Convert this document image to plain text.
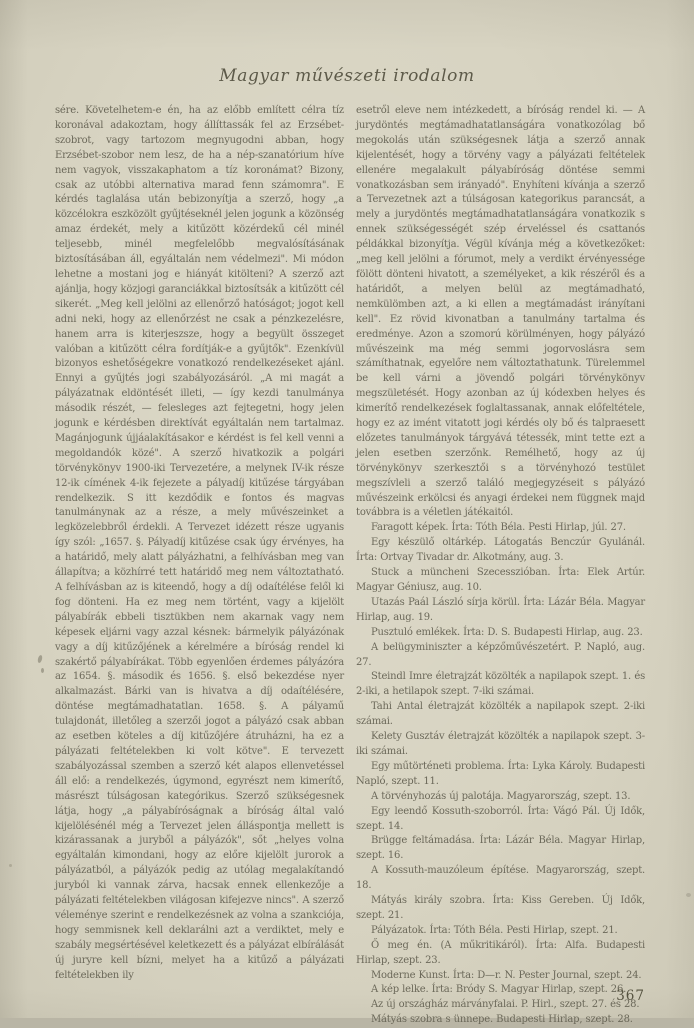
Magyar művészeti irodalom

sére. Követelhetem-e én, ha az előbb említett célra tíz koronával adakoztam, hogy állíttassák fel az Erzsébet-szobrot, vagy tartozom megnyugodni abban, hogy Erzsébet-szobor nem lesz, de ha a nép-szanatórium híve nem vagyok, visszakaphatom a tíz koronámat? Bizony, csak az utóbbi alternativa marad fenn számomra". E kérdés taglalása után bebizonyítja a szerző, hogy „a közcélokra eszközölt gyűjtéseknél jelen jogunk a közönség amaz érdekét, mely a kitűzött közérdekű cél minél teljesebb, minél megfelelőbb megvalósításának biztosításában áll, egyáltalán nem védelmezi". Mi módon lehetne a mostani jog e hiányát kitölteni? A szerző azt ajánlja, hogy közjogi garanciákkal biztosítsák a kitűzött cél sikerét. „Meg kell jelölni az ellenőrző hatóságot; jogot kell adni neki, hogy az ellenőrzést ne csak a pénzkezelésre, hanem arra is kiterjeszsze, hogy a begyült összeget valóban a kitűzött célra fordítják-e a gyűjtők". Ezenkívül bizonyos eshetőségekre vonatkozó rendelkezéseket ajánl. Ennyi a gyűjtés jogi szabályozásáról. „A mi magát a pályázatnak eldöntését illeti, — így kezdi tanulmánya második részét, — felesleges azt fejtegetni, hogy jelen jogunk e kérdésben direktívát egyáltalán nem tartalmaz. Magánjogunk újjáalakításakor e kérdést is fel kell venni a megoldandók közé". A szerző hivatkozik a polgári törvénykönyv 1900-iki Tervezetére, a melynek IV-ik része 12-ik címének 4-ik fejezete a pályadíj kitűzése tárgyában rendelkezik. S itt kezdődik e fontos és magvas tanulmánynak az a része, a mely művészeinket a legközelebbről érdekli. A Tervezet idézett része ugyanis így szól: „1657. §. Pályadíj kitűzése csak úgy érvényes, ha a határidő, mely alatt pályázhatni, a felhívásban meg van állapítva; a közhírré tett határidő meg nem változtatható. A felhívásban az is kiteendő, hogy a díj odaítélése felől ki fog dönteni. Ha ez meg nem történt, vagy a kijelölt pályabírák ebbeli tisztükben nem akarnak vagy nem képesek eljárni vagy azzal késnek: bármelyik pályázónak vagy a díj kitűzőjének a kérelmére a bíróság rendel ki szakértő pályabírákat. Több egyenlően érdemes pályázóra az 1654. §. második és 1656. §. első bekezdése nyer alkalmazást. Bárki van is hivatva a díj odaítélésére, döntése megtámadhatatlan. 1658. §. A pályamű tulajdonát, illetőleg a szerzői jogot a pályázó csak abban az esetben köteles a díj kitűzőjére átruházni, ha ez a pályázati feltételekben ki volt kötve". E tervezett szabályozással szemben a szerző két alapos ellenvetéssel áll elő: a rendelkezés, úgymond, egyrészt nem kimerítő, másrészt túlságosan kategórikus. Szerző szükségesnek látja, hogy „a pályabíróságnak a bíróság által való kijelölésénél még a Tervezet jelen álláspontja mellett is kizárassanak a juryből a pályázók", sőt „helyes volna egyáltalán kimondani, hogy az előre kijelölt jurorok a pályázatból, a pályázók pedig az utólag megalakítandó juryból ki vannak zárva, hacsak ennek ellenkezője a pályázati feltételekben világosan kifejezve nincs". A szerző véleménye szerint e rendelkezésnek az volna a szankciója, hogy semmisnek kell deklarálni azt a verdiktet, mely e szabály megsértésével keletkezett és a pályázat elbírálását új juryre kell bízni, melyet ha a kitűző a pályázati feltételekben ily

esetről eleve nem intézkedett, a bíróság rendel ki. — A jurydöntés megtámadhatatlanságára vonatkozólag bő megokolás után szükségesnek látja a szerző annak kijelentését, hogy a törvény vagy a pályázati feltételek ellenére megalakult pályabíróság döntése semmi vonatkozásban sem irányadó". Enyhíteni kívánja a szerző a Tervezetnek azt a túlságosan kategorikus parancsát, a mely a jurydöntés megtámadhatatlanságára vonatkozik s ennek szükségességét szép érveléssel és csattanós példákkal bizonyítja. Végül kívánja még a következőket: „meg kell jelölni a fórumot, mely a verdikt érvényessége fölött dönteni hivatott, a személyeket, a kik részéről és a határidőt, a melyen belül az megtámadható, nemkülömben azt, a ki ellen a megtámadást irányítani kell". Ez rövid kivonatban a tanulmány tartalma és eredménye. Azon a szomorú körülményen, hogy pályázó művészeink ma még semmi jogorvoslásra sem számíthatnak, egyelőre nem változtathatunk. Türelemmel be kell várni a jövendő polgári törvénykönyv megszületését. Hogy azonban az új kódexben helyes és kimerítő rendelkezések foglaltassanak, annak előfeltétele, hogy ez az imént vitatott jogi kérdés oly bő és talpraesett előzetes tanulmányok tárgyává tétessék, mint tette ezt a jelen esetben szerzőnk. Remélhető, hogy az új törvénykönyv szerkesztői s a törvényhozó testület megszívleli a szerző találó megjegyzéseit s pályázó művészeink erkölcsi és anyagi érdekei nem függnek majd továbbra is a véletlen játékaitól.

Faragott képek. Írta: Tóth Béla. Pesti Hirlap, júl. 27.

Egy készülő oltárkép. Látogatás Benczúr Gyulánál. Írta: Ortvay Tivadar dr. Alkotmány, aug. 3.

Stuck a müncheni Szecesszióban. Írta: Elek Artúr. Magyar Géniusz, aug. 10.

Utazás Paál László sírja körül. Írta: Lázár Béla. Magyar Hirlap, aug. 19.

Pusztuló emlékek. Írta: D. S. Budapesti Hirlap, aug. 23.

A belügyminiszter a képzőművészetért. P. Napló, aug. 27.

Steindl Imre életrajzát közölték a napilapok szept. 1. és 2-iki, a hetilapok szept. 7-iki számai.

Tahi Antal életrajzát közölték a napilapok szept. 2-iki számai.

Kelety Gusztáv életrajzát közölték a napilapok szept. 3-iki számai.

Egy műtörténeti problema. Írta: Lyka Károly. Budapesti Napló, szept. 11.

A törvényhozás új palotája. Magyarország, szept. 13.

Egy leendő Kossuth-szoborról. Írta: Vágó Pál. Új Idők, szept. 14.

Brügge feltámadása. Írta: Lázár Béla. Magyar Hirlap, szept. 16.

A Kossuth-mauzóleum építése. Magyarország, szept. 18.

Mátyás király szobra. Írta: Kiss Gereben. Új Idők, szept. 21.

Pályázatok. Írta: Tóth Béla. Pesti Hirlap, szept. 21.

Ő meg én. (A műkritikáról). Írta: Alfa. Budapesti Hirlap, szept. 23.

Moderne Kunst. Írta: D—r. N. Pester Journal, szept. 24.

A kép lelke. Írta: Bródy S. Magyar Hirlap, szept. 26.

Az új országház márványfalai. P. Hirl., szept. 27. és 28.

Mátyás szobra s ünnepe. Budapesti Hirlap, szept. 28.

367
